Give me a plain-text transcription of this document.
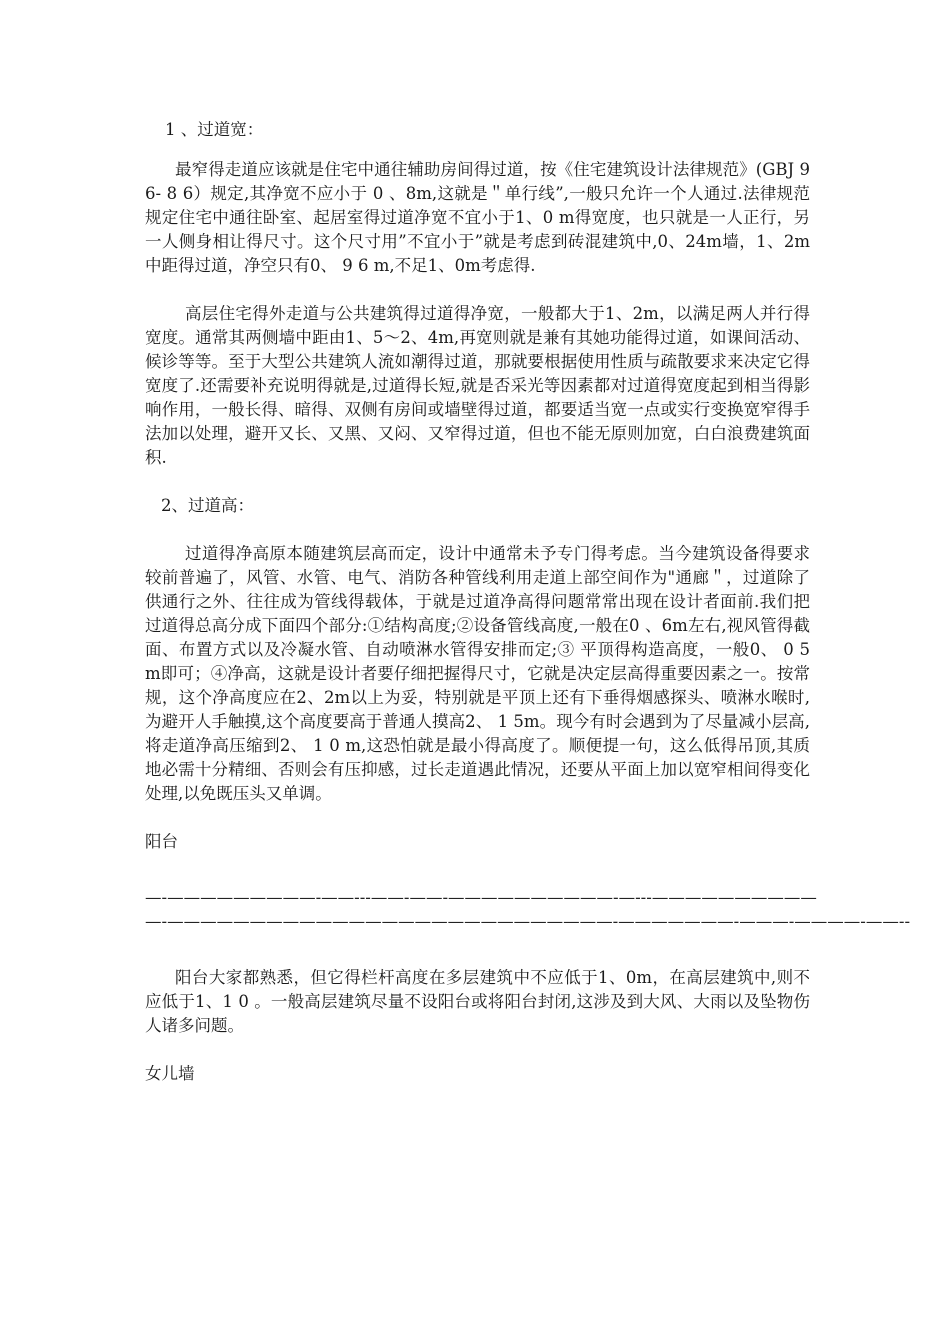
1 、过道宽：

最窄得走道应该就是住宅中通往辅助房间得过道，按《住宅建筑设计法律规范》(GBJ 9 6- 8 6）规定,其净宽不应小于 0 、8m,这就是＂单行线”,一般只允许一个人通过.法律规范规定住宅中通往卧室、起居室得过道净宽不宜小于1、0 m得宽度，也只就是一人正行，另一人侧身相让得尺寸。这个尺寸用”不宜小于”就是考虑到砖混建筑中,0、24m墙，1、2m中距得过道，净空只有0、 9 6 m,不足1、0m考虑得.

高层住宅得外走道与公共建筑得过道得净宽，一般都大于1、2m，以满足两人并行得宽度。通常其两侧墙中距由1、5～2、4m,再宽则就是兼有其她功能得过道，如课间活动、候诊等等。至于大型公共建筑人流如潮得过道，那就要根据使用性质与疏散要求来决定它得宽度了.还需要补充说明得就是,过道得长短,就是否采光等因素都对过道得宽度起到相当得影响作用，一般长得、暗得、双侧有房间或墙壁得过道，都要适当宽一点或实行变换宽窄得手法加以处理，避开又长、又黑、又闷、又窄得过道，但也不能无原则加宽，白白浪费建筑面积.

2、过道高：

过道得净高原本随建筑层高而定，设计中通常未予专门得考虑。当今建筑设备得要求较前普遍了，风管、水管、电气、消防各种管线利用走道上部空间作为"通廊＂，过道除了供通行之外、往往成为管线得载体，于就是过道净高得问题常常出现在设计者面前.我们把过道得总高分成下面四个部分:①结构高度;②设备管线高度,一般在0 、6m左右,视风管得截面、布置方式以及冷凝水管、自动喷淋水管得安排而定;③ 平顶得构造高度，一般0、 0 5 m即可；④净高，这就是设计者要仔细把握得尺寸，它就是决定层高得重要因素之一。按常规，这个净高度应在2、2m以上为妥，特别就是平顶上还有下垂得烟感探头、喷淋水喉时,为避开人手触摸,这个高度要高于普通人摸高2、 1 5m。现今有时会遇到为了尽量减小层高,将走道净高压缩到2、 1 0 m,这恐怕就是最小得高度了。顺便提一句，这么低得吊顶,其质地必需十分精细、否则会有压抑感，过长走道遇此情况，还要从平面上加以宽窄相间得变化处理,以免既压头又单调。

阳台

—-—————————-——---——-——-——————————-—---——————————

—-———————————————————————————-———————-———-————-——--

阳台大家都熟悉，但它得栏杆高度在多层建筑中不应低于1、0m，在高层建筑中,则不应低于1、1 0 。一般高层建筑尽量不设阳台或将阳台封闭,这涉及到大风、大雨以及坠物伤人诸多问题。

女儿墙
